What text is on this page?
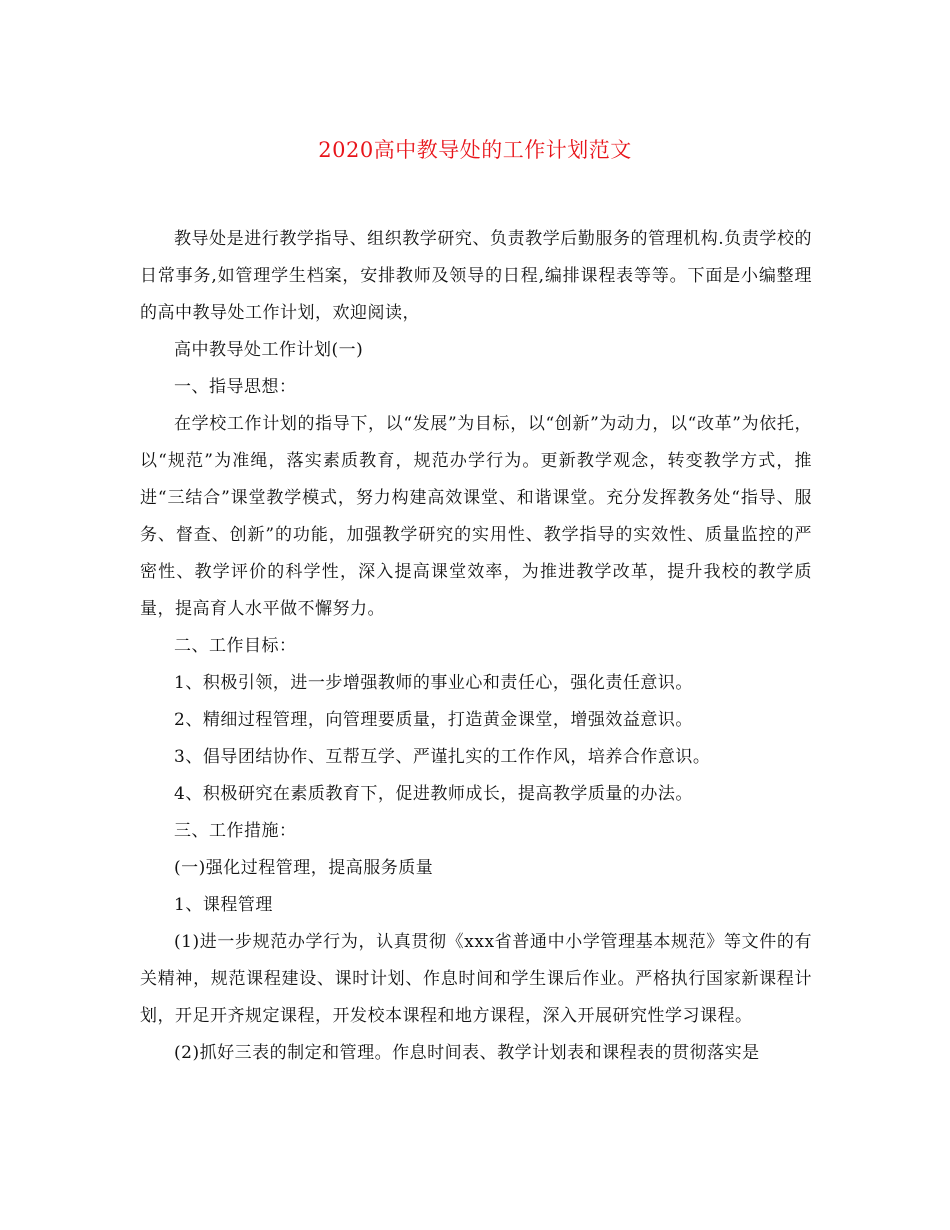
2020高中教导处的工作计划范文

教导处是进行教学指导、组织教学研究、负责教学后勤服务的管理机构.负责学校的日常事务,如管理学生档案，安排教师及领导的日程,编排课程表等等。下面是小编整理的高中教导处工作计划，欢迎阅读，

高中教导处工作计划(一)

一、指导思想：

在学校工作计划的指导下，以“发展”为目标，以“创新”为动力，以“改革”为依托，以“规范”为准绳，落实素质教育，规范办学行为。更新教学观念，转变教学方式，推进“三结合”课堂教学模式，努力构建高效课堂、和谐课堂。充分发挥教务处“指导、服务、督查、创新”的功能，加强教学研究的实用性、教学指导的实效性、质量监控的严密性、教学评价的科学性，深入提高课堂效率，为推进教学改革，提升我校的教学质量，提高育人水平做不懈努力。

二、工作目标：

1、积极引领，进一步增强教师的事业心和责任心，强化责任意识。

2、精细过程管理，向管理要质量，打造黄金课堂，增强效益意识。

3、倡导团结协作、互帮互学、严谨扎实的工作作风，培养合作意识。

4、积极研究在素质教育下，促进教师成长，提高教学质量的办法。

三、工作措施：

(一)强化过程管理，提高服务质量

1、课程管理

(1)进一步规范办学行为，认真贯彻《xxx省普通中小学管理基本规范》等文件的有关精神，规范课程建设、课时计划、作息时间和学生课后作业。严格执行国家新课程计划，开足开齐规定课程，开发校本课程和地方课程，深入开展研究性学习课程。

(2)抓好三表的制定和管理。作息时间表、教学计划表和课程表的贯彻落实是
